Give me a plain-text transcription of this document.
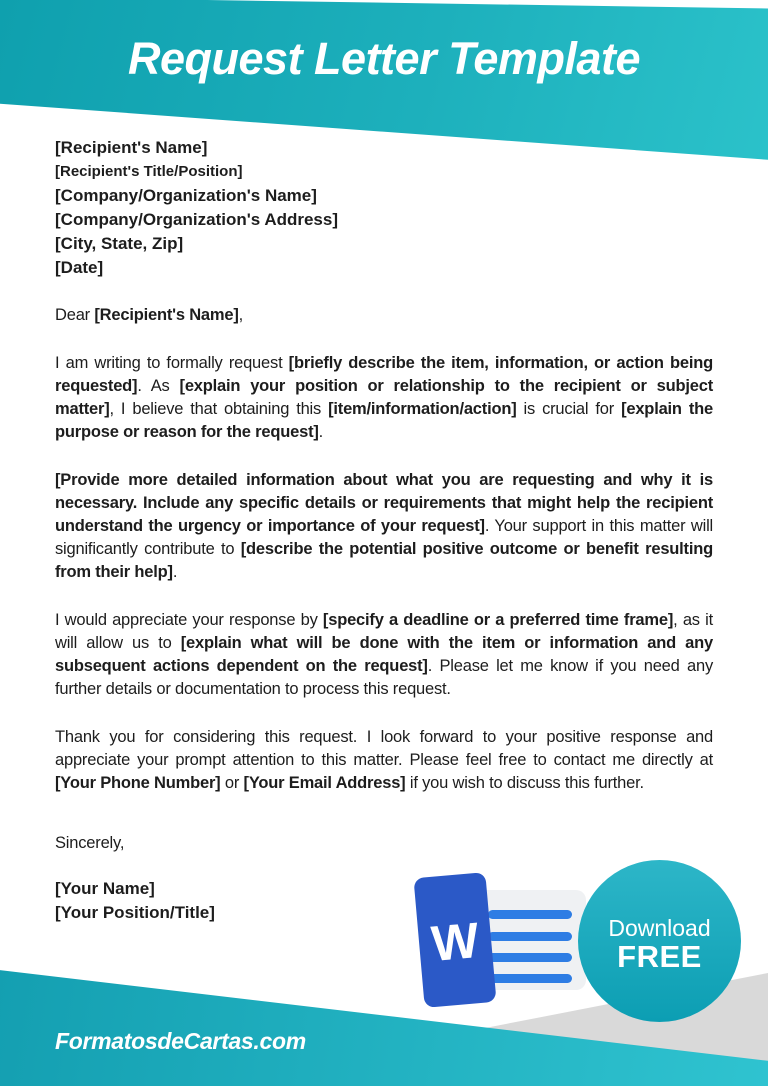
Request Letter Template
[Recipient's Name]
[Recipient's Title/Position]
[Company/Organization's Name]
[Company/Organization's Address]
[City, State, Zip]
[Date]

Dear [Recipient's Name],

I am writing to formally request [briefly describe the item, information, or action being requested]. As [explain your position or relationship to the recipient or subject matter], I believe that obtaining this [item/information/action] is crucial for [explain the purpose or reason for the request].

[Provide more detailed information about what you are requesting and why it is necessary. Include any specific details or requirements that might help the recipient understand the urgency or importance of your request]. Your support in this matter will significantly contribute to [describe the potential positive outcome or benefit resulting from their help].

I would appreciate your response by [specify a deadline or a preferred time frame], as it will allow us to [explain what will be done with the item or information and any subsequent actions dependent on the request]. Please let me know if you need any further details or documentation to process this request.

Thank you for considering this request. I look forward to your positive response and appreciate your prompt attention to this matter. Please feel free to contact me directly at [Your Phone Number] or [Your Email Address] if you wish to discuss this further.

Sincerely,

[Your Name]
[Your Position/Title]	W	Download
FREE
FormatosdeCartas.com
